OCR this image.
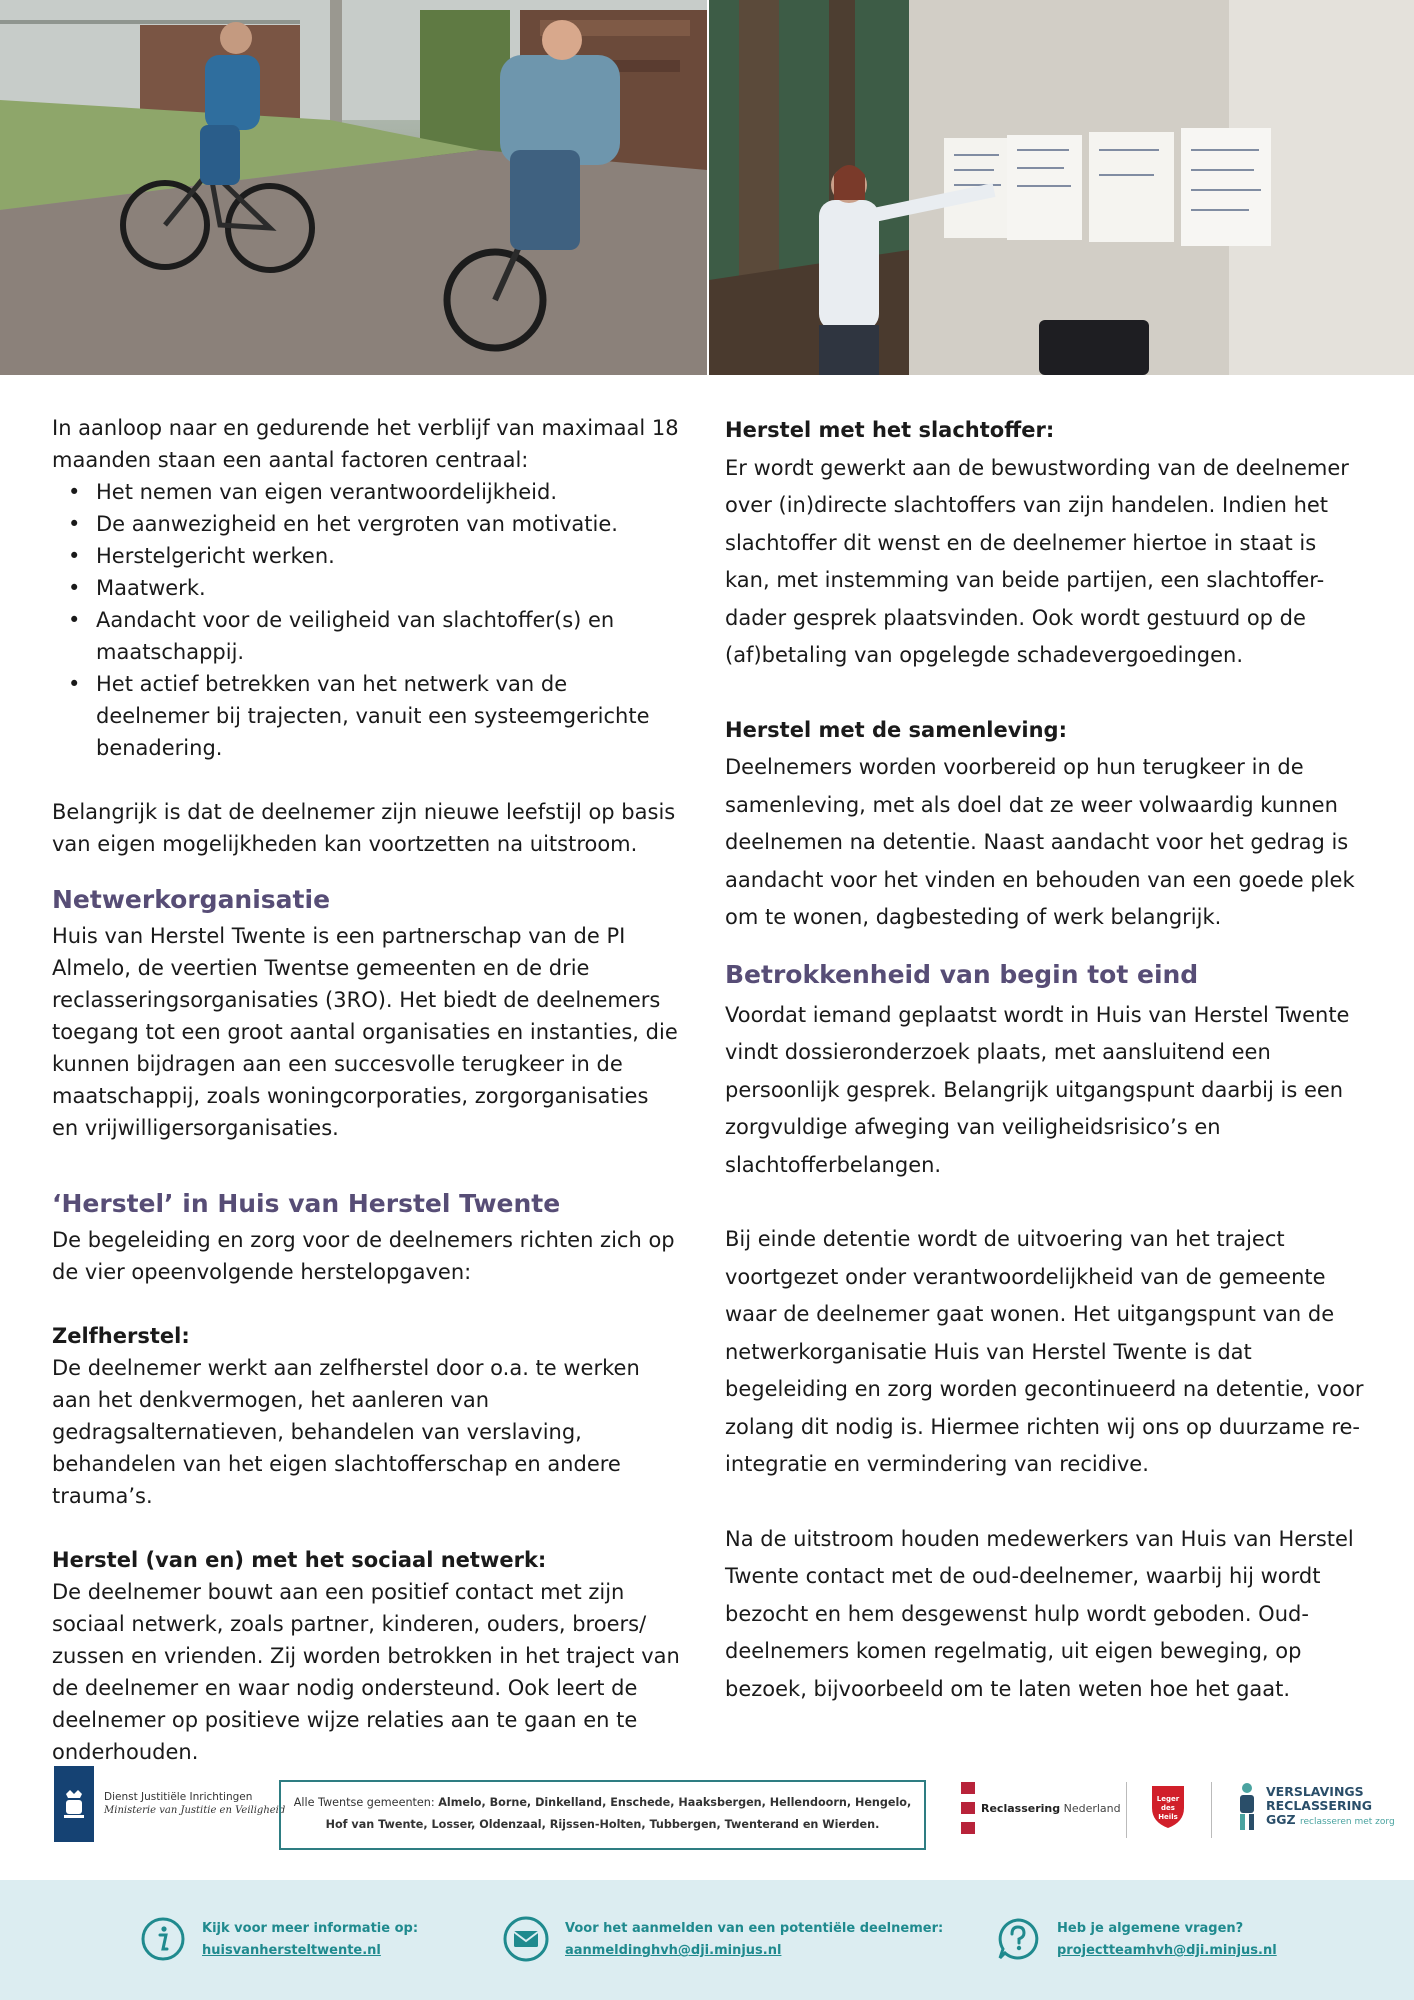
In aanloop naar en gedurende het verblijf van maximaal 18 maanden staan een aantal factoren centraal:

• Het nemen van eigen verantwoordelijkheid.
• De aanwezigheid en het vergroten van motivatie.
• Herstelgericht werken.
• Maatwerk.
• Aandacht voor de veiligheid van slachtoffer(s) en maatschappij.
• Het actief betrekken van het netwerk van de deelnemer bij trajecten, vanuit een systeemgerichte benadering.

Belangrijk is dat de deelnemer zijn nieuwe leefstijl op basis van eigen mogelijkheden kan voortzetten na uitstroom.

Netwerkorganisatie

Huis van Herstel Twente is een partnerschap van de PI Almelo, de veertien Twentse gemeenten en de drie reclasseringsorganisaties (3RO). Het biedt de deelnemers toegang tot een groot aantal organisaties en instanties, die kunnen bijdragen aan een succesvolle terugkeer in de maatschappij, zoals woningcorporaties, zorgorganisaties en vrijwilligersorganisaties.

‘Herstel’ in Huis van Herstel Twente

De begeleiding en zorg voor de deelnemers richten zich op de vier opeenvolgende herstelopgaven:

Zelfherstel:

De deelnemer werkt aan zelfherstel door o.a. te werken aan het denkvermogen, het aanleren van gedragsalternatieven, behandelen van verslaving, behandelen van het eigen slachtofferschap en andere trauma’s.

Herstel (van en) met het sociaal netwerk:

De deelnemer bouwt aan een positief contact met zijn sociaal netwerk, zoals partner, kinderen, ouders, broers/ zussen en vrienden. Zij worden betrokken in het traject van de deelnemer en waar nodig ondersteund. Ook leert de deelnemer op positieve wijze relaties aan te gaan en te onderhouden.

Herstel met het slachtoffer:

Er wordt gewerkt aan de bewustwording van de deelnemer over (in)directe slachtoffers van zijn handelen. Indien het slachtoffer dit wenst en de deelnemer hiertoe in staat is kan, met instemming van beide partijen, een slachtoffer-dader gesprek plaatsvinden. Ook wordt gestuurd op de (af)betaling van opgelegde schadevergoedingen.

Herstel met de samenleving:

Deelnemers worden voorbereid op hun terugkeer in de samenleving, met als doel dat ze weer volwaardig kunnen deelnemen na detentie. Naast aandacht voor het gedrag is aandacht voor het vinden en behouden van een goede plek om te wonen, dagbesteding of werk belangrijk.

Betrokkenheid van begin tot eind

Voordat iemand geplaatst wordt in Huis van Herstel Twente vindt dossieronderzoek plaats, met aansluitend een persoonlijk gesprek. Belangrijk uitgangspunt daarbij is een zorgvuldige afweging van veiligheidsrisico’s en slachtofferbelangen.

Bij einde detentie wordt de uitvoering van het traject voortgezet onder verantwoordelijkheid van de gemeente waar de deelnemer gaat wonen. Het uitgangspunt van de netwerkorganisatie Huis van Herstel Twente is dat begeleiding en zorg worden gecontinueerd na detentie, voor zolang dit nodig is. Hiermee richten wij ons op duurzame re-integratie en vermindering van recidive.

Na de uitstroom houden medewerkers van Huis van Herstel Twente contact met de oud-deelnemer, waarbij hij wordt bezocht en hem desgewenst hulp wordt geboden. Oud-deelnemers komen regelmatig, uit eigen beweging, op bezoek, bijvoorbeeld om te laten weten hoe het gaat.

Dienst Justitiële Inrichtingen
Ministerie van Justitie en Veiligheid
Alle Twentse gemeenten: Almelo, Borne, Dinkelland, Enschede, Haaksbergen, Hellendoorn, Hengelo, Hof van Twente, Losser, Oldenzaal, Rijssen-Holten, Tubbergen, Twenterand en Wierden.
Reclassering Nederland
Leger
des
Heils
VERSLAVINGS
RECLASSERING
GGZ reclasseren met zorg
Kijk voor meer informatie op:
huisvanhersteltwente.nl
Voor het aanmelden van een potentiële deelnemer:
aanmeldinghvh@dji.minjus.nl
Heb je algemene vragen?
projectteamhvh@dji.minjus.nl
